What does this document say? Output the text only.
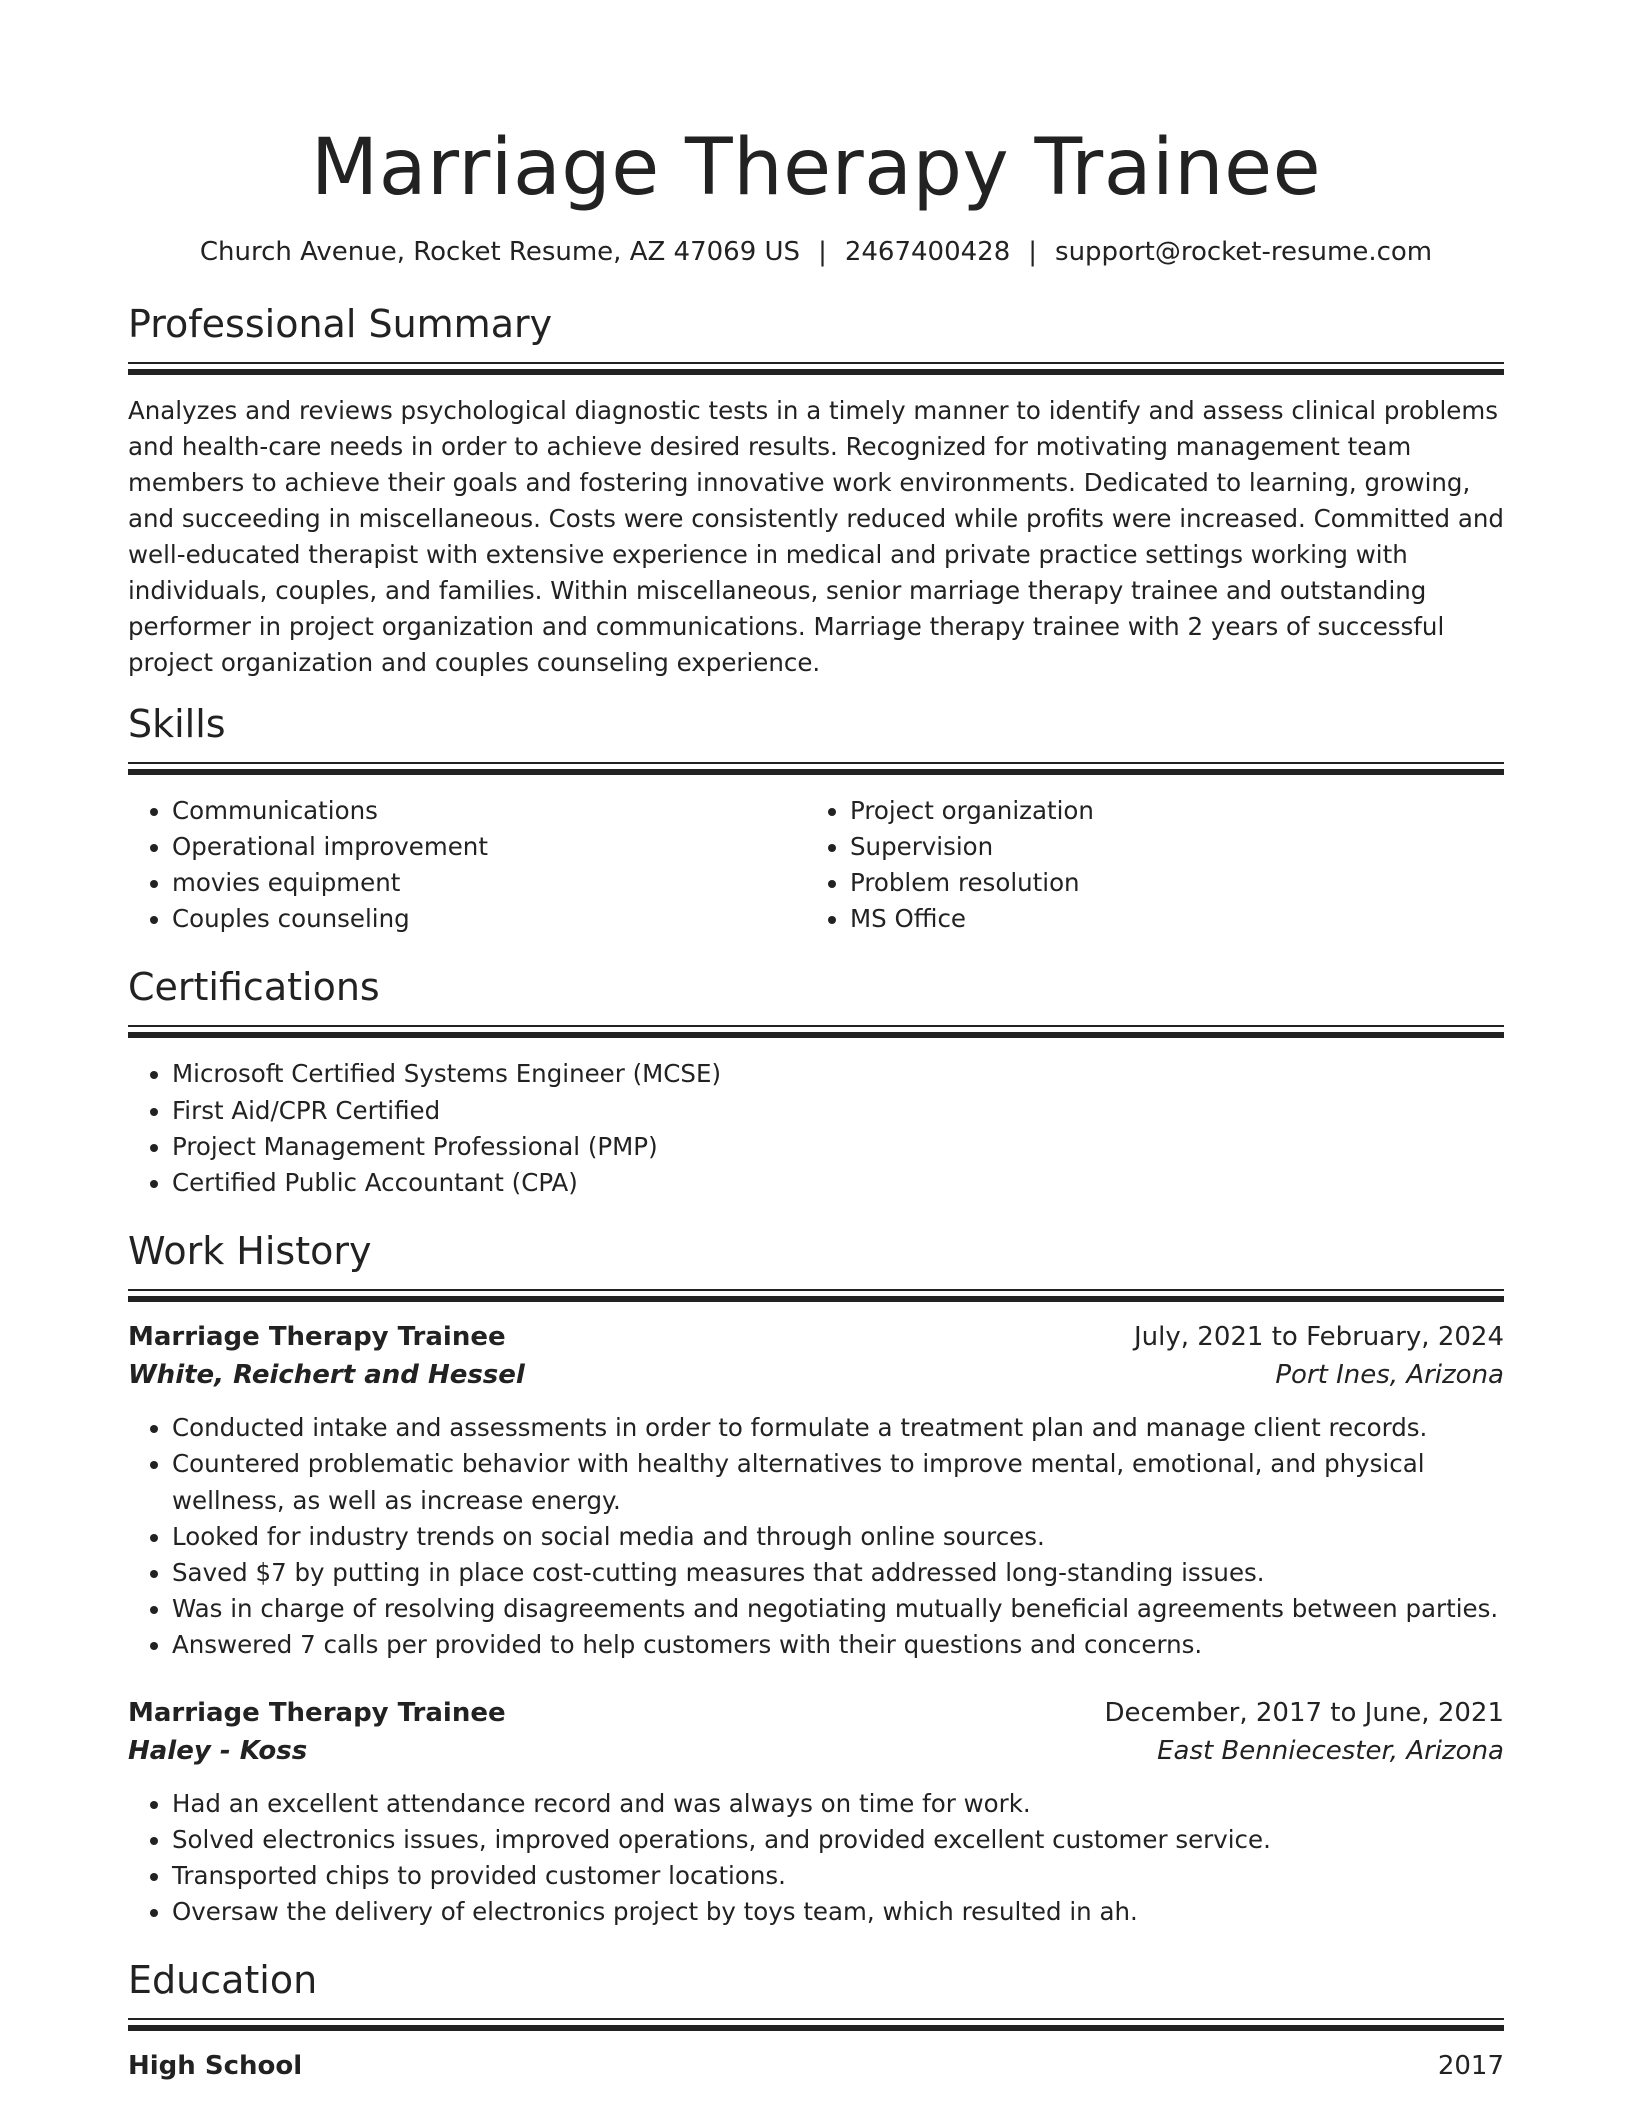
Marriage Therapy Trainee
Church Avenue, Rocket Resume, AZ 47069 US | 2467400428 | support@rocket-resume.com
Professional Summary

Analyzes and reviews psychological diagnostic tests in a timely manner to identify and assess clinical problems and health-care needs in order to achieve desired results. Recognized for motivating management team members to achieve their goals and fostering innovative work environments. Dedicated to learning, growing, and succeeding in miscellaneous. Costs were consistently reduced while profits were increased. Committed and well-educated therapist with extensive experience in medical and private practice settings working with individuals, couples, and families. Within miscellaneous, senior marriage therapy trainee and outstanding performer in project organization and communications. Marriage therapy trainee with 2 years of successful project organization and couples counseling experience.

Skills
• Communications
• Operational improvement
• movies equipment
• Couples counseling
• Project organization
• Supervision
• Problem resolution
• MS Office
Certifications
• Microsoft Certified Systems Engineer (MCSE)
• First Aid/CPR Certified
• Project Management Professional (PMP)
• Certified Public Accountant (CPA)
Work History
Marriage Therapy Trainee	July, 2021 to February, 2024
White, Reichert and Hessel	Port Ines, Arizona
• Conducted intake and assessments in order to formulate a treatment plan and manage client records.
• Countered problematic behavior with healthy alternatives to improve mental, emotional, and physical wellness, as well as increase energy.
• Looked for industry trends on social media and through online sources.
• Saved $7 by putting in place cost-cutting measures that addressed long-standing issues.
• Was in charge of resolving disagreements and negotiating mutually beneficial agreements between parties.
• Answered 7 calls per provided to help customers with their questions and concerns.
Marriage Therapy Trainee	December, 2017 to June, 2021
Haley - Koss	East Benniecester, Arizona
• Had an excellent attendance record and was always on time for work.
• Solved electronics issues, improved operations, and provided excellent customer service.
• Transported chips to provided customer locations.
• Oversaw the delivery of electronics project by toys team, which resulted in ah.
Education
High School	2017
